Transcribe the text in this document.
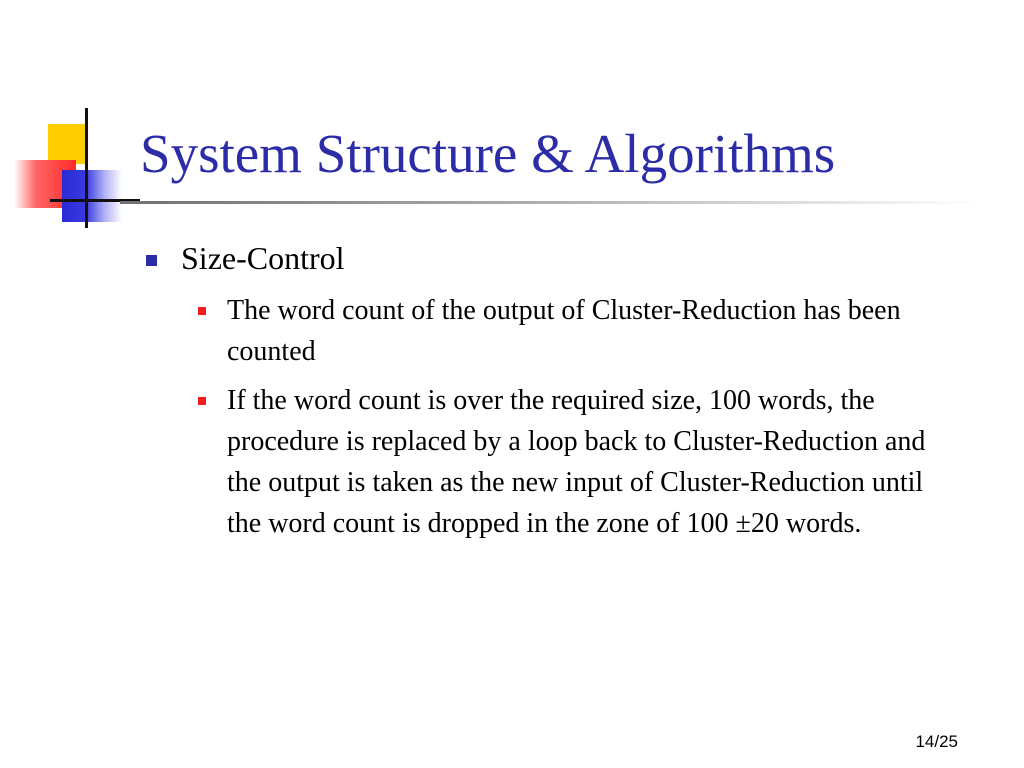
System Structure & Algorithms
Size-Control
The word count of the output of Cluster-Reduction has been counted
If the word count is over the required size, 100 words, the procedure is replaced by a loop back to Cluster-Reduction and the output is taken as the new input of Cluster-Reduction until the word count is dropped in the zone of 100 ±20 words.
14/25
